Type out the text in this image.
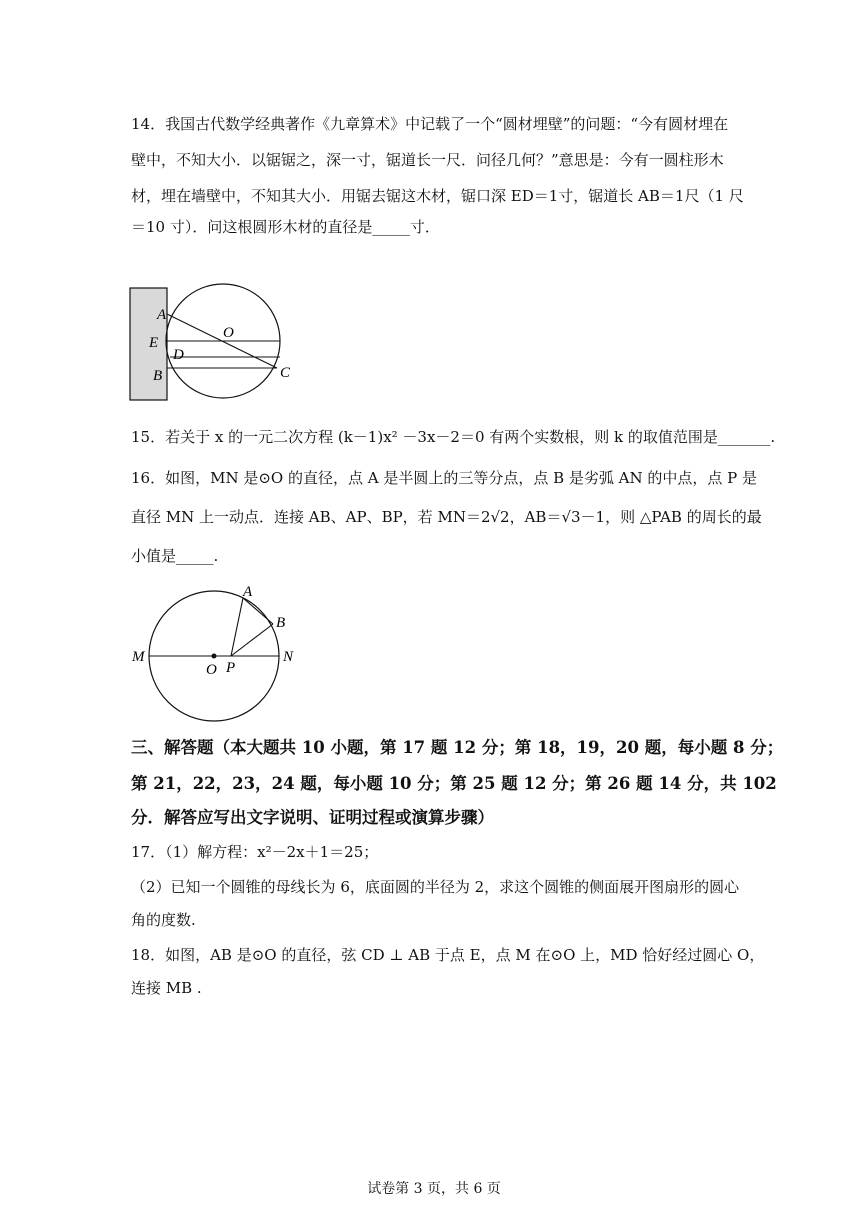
14．我国古代数学经典著作《九章算术》中记载了一个“圆材埋壁”的问题：“今有圆材埋在
壁中，不知大小．以锯锯之，深一寸，锯道长一尺．问径几何？”意思是：今有一圆柱形木
材，埋在墙壁中，不知其大小．用锯去锯这木材，锯口深 ED＝1寸，锯道长 AB＝1尺（1 尺
＝10 寸）．问这根圆形木材的直径是_____寸．
A
E
D
B
O
C
15．若关于 x 的一元二次方程 (k－1)x² －3x－2＝0 有两个实数根，则 k 的取值范围是_______.
16．如图，MN 是⊙O 的直径，点 A 是半圆上的三等分点，点 B 是劣弧 AN 的中点，点 P 是
直径 MN 上一动点．连接 AB、AP、BP，若 MN＝2√2，AB＝√3－1，则 △PAB 的周长的最
小值是_____.
A
B
M
O P
N
三、解答题（本大题共 10 小题，第 17 题 12 分；第 18，19，20 题，每小题 8 分；
第 21，22，23，24 题，每小题 10 分；第 25 题 12 分；第 26 题 14 分，共 102
分．解答应写出文字说明、证明过程或演算步骤）
17．（1）解方程：x²－2x＋1＝25；
（2）已知一个圆锥的母线长为 6，底面圆的半径为 2，求这个圆锥的侧面展开图扇形的圆心
角的度数.
18．如图，AB 是⊙O 的直径，弦 CD ⊥ AB 于点 E，点 M 在⊙O 上，MD 恰好经过圆心 O，
连接 MB .
试卷第 3 页，共 6 页
